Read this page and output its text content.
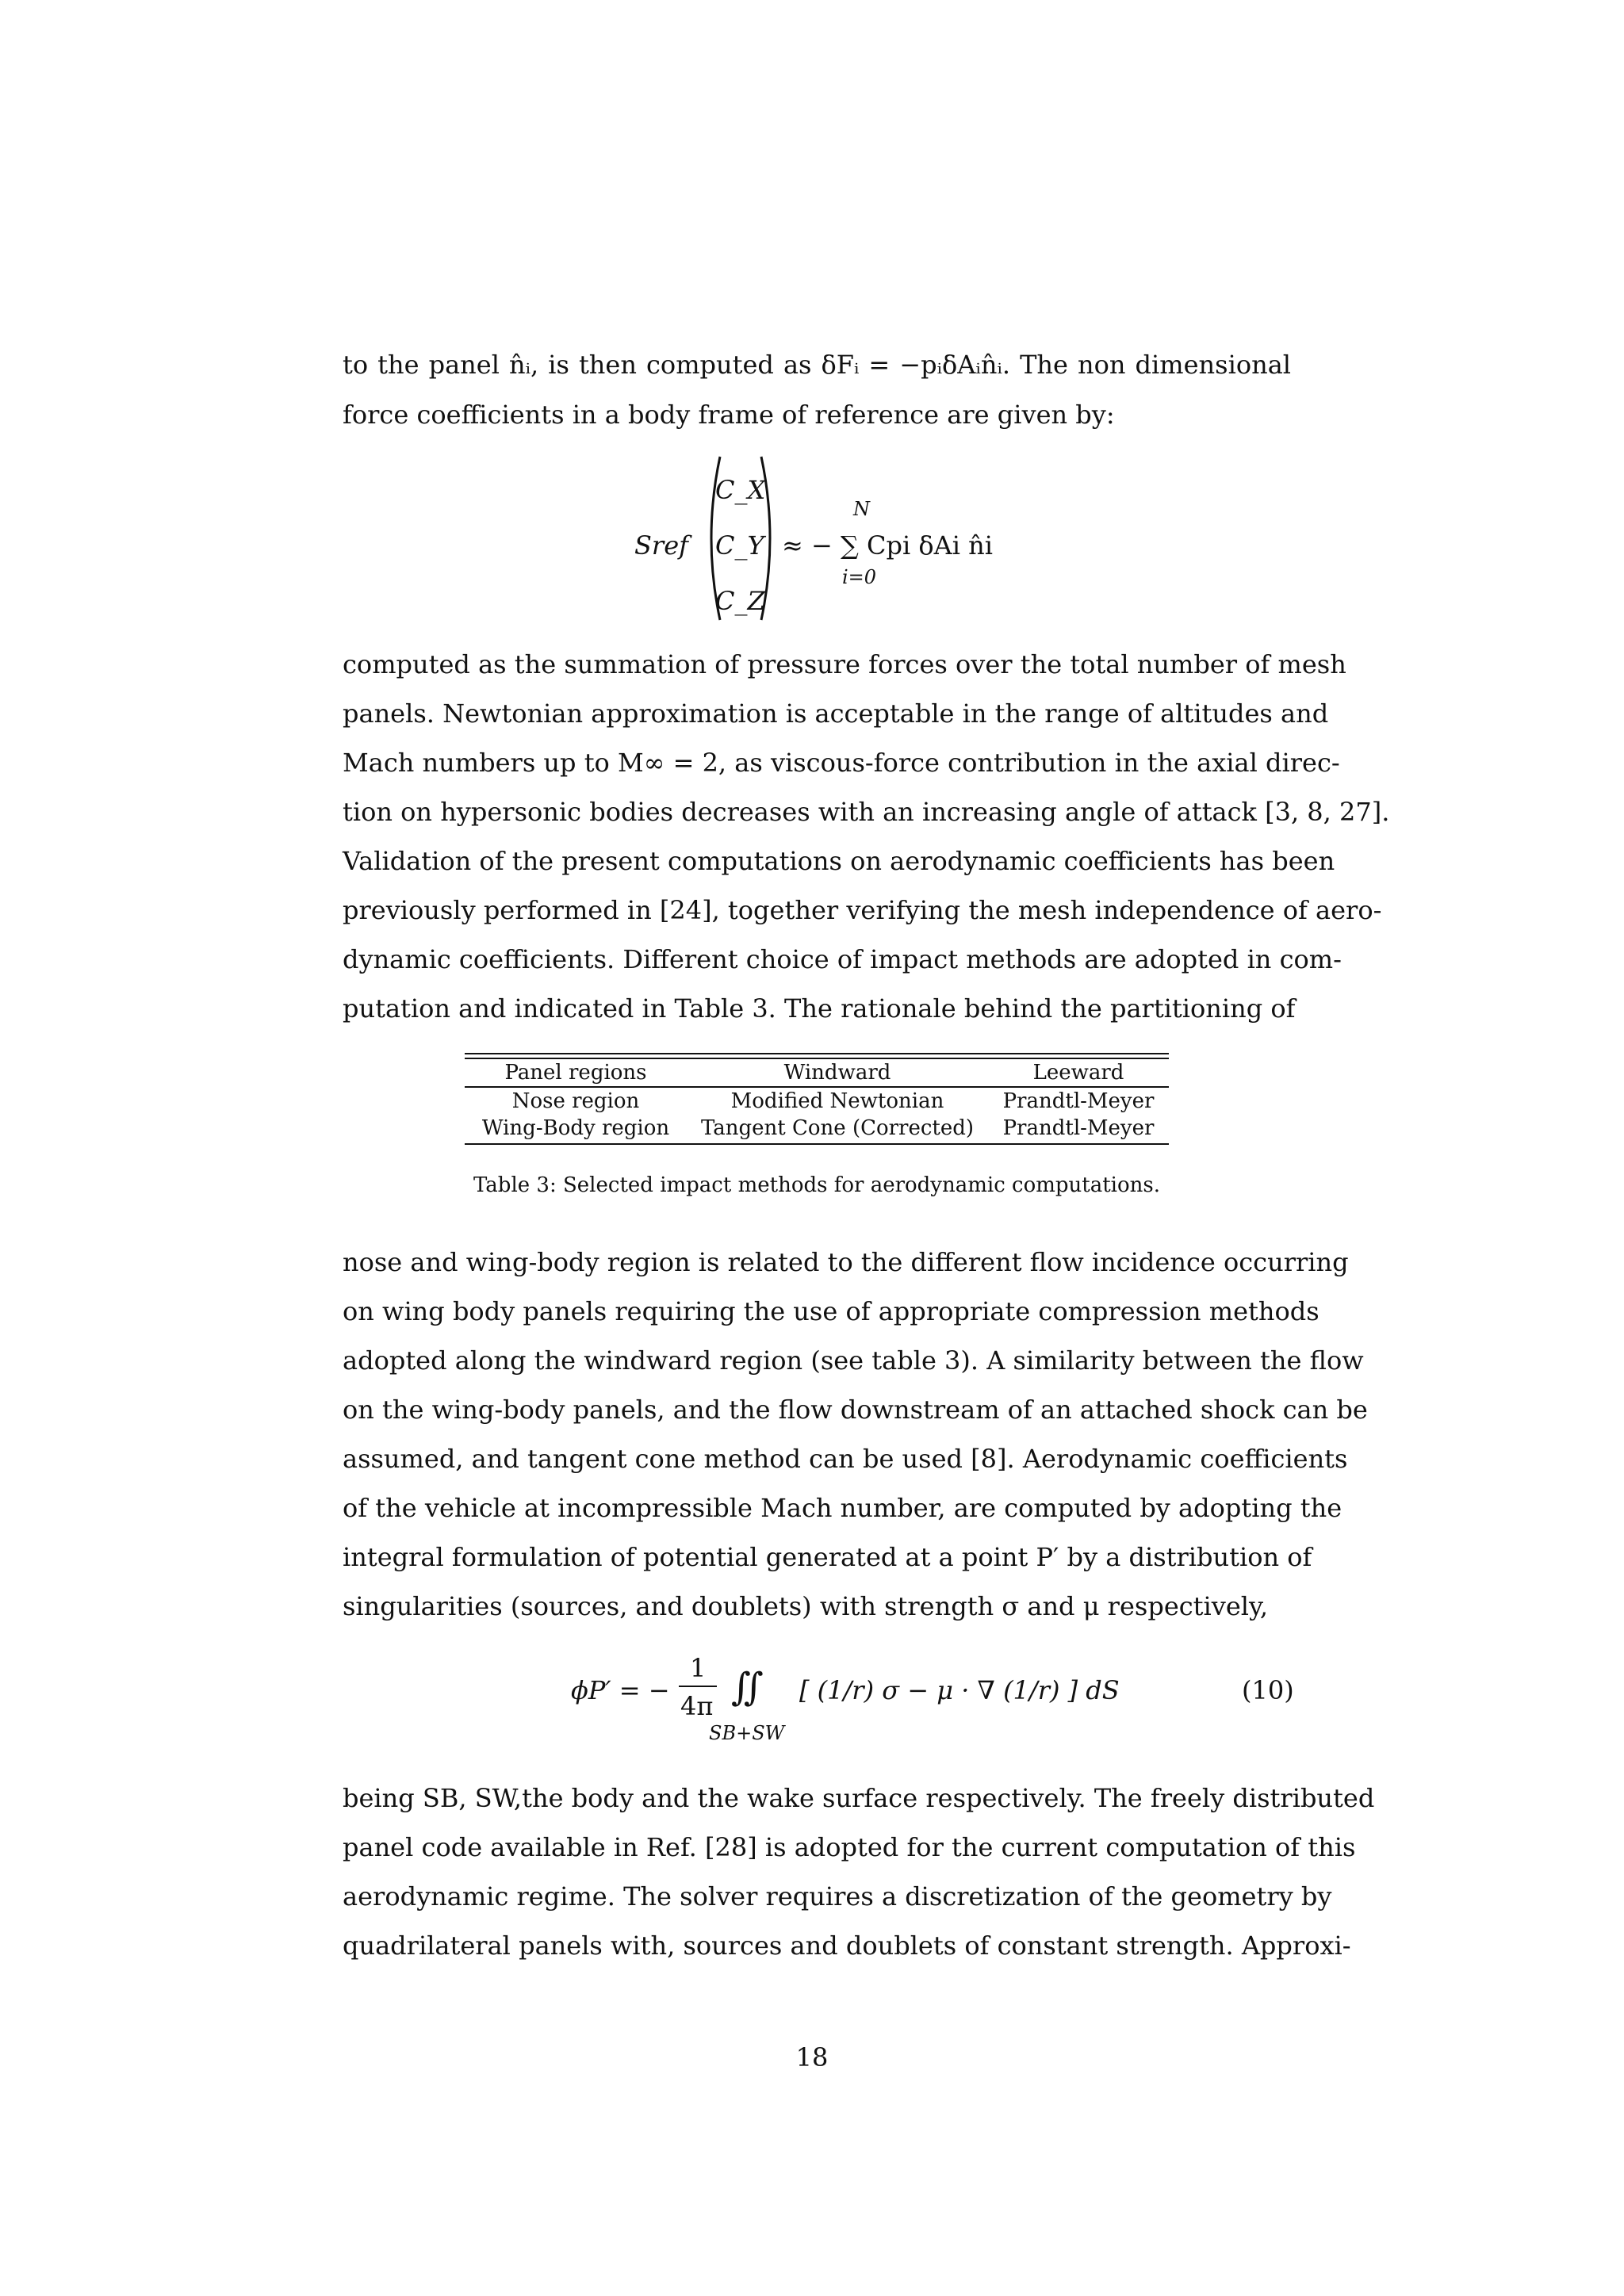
to the panel n̂ᵢ, is then computed as δFᵢ = −pᵢδAᵢn̂ᵢ. The non dimensional
force coefficients in a body frame of reference are given by:
Sref
C_X
C_Y
C_Z
N
≈ − ∑ Cpi δAi n̂i
i=0
computed as the summation of pressure forces over the total number of mesh
panels. Newtonian approximation is acceptable in the range of altitudes and
Mach numbers up to M∞ = 2, as viscous-force contribution in the axial direc-
tion on hypersonic bodies decreases with an increasing angle of attack [3, 8, 27].
Validation of the present computations on aerodynamic coefficients has been
previously performed in [24], together verifying the mesh independence of aero-
dynamic coefficients. Different choice of impact methods are adopted in com-
putation and indicated in Table 3. The rationale behind the partitioning of
Panel regions	Windward	Leeward
Nose region	Modified Newtonian	Prandtl-Meyer
Wing-Body region	Tangent Cone (Corrected)	Prandtl-Meyer
Table 3: Selected impact methods for aerodynamic computations.
nose and wing-body region is related to the different flow incidence occurring
on wing body panels requiring the use of appropriate compression methods
adopted along the windward region (see table 3). A similarity between the flow
on the wing-body panels, and the flow downstream of an attached shock can be
assumed, and tangent cone method can be used [8]. Aerodynamic coefficients
of the vehicle at incompressible Mach number, are computed by adopting the
integral formulation of potential generated at a point P′ by a distribution of
singularities (sources, and doublets) with strength σ and μ respectively,
ϕP′ = −
1
4π ∬
SB+SW
[ (1/r) σ − μ · ∇ (1/r) ] dS	(10)
being SB, SW,the body and the wake surface respectively. The freely distributed
panel code available in Ref. [28] is adopted for the current computation of this
aerodynamic regime. The solver requires a discretization of the geometry by
quadrilateral panels with, sources and doublets of constant strength. Approxi-
18
